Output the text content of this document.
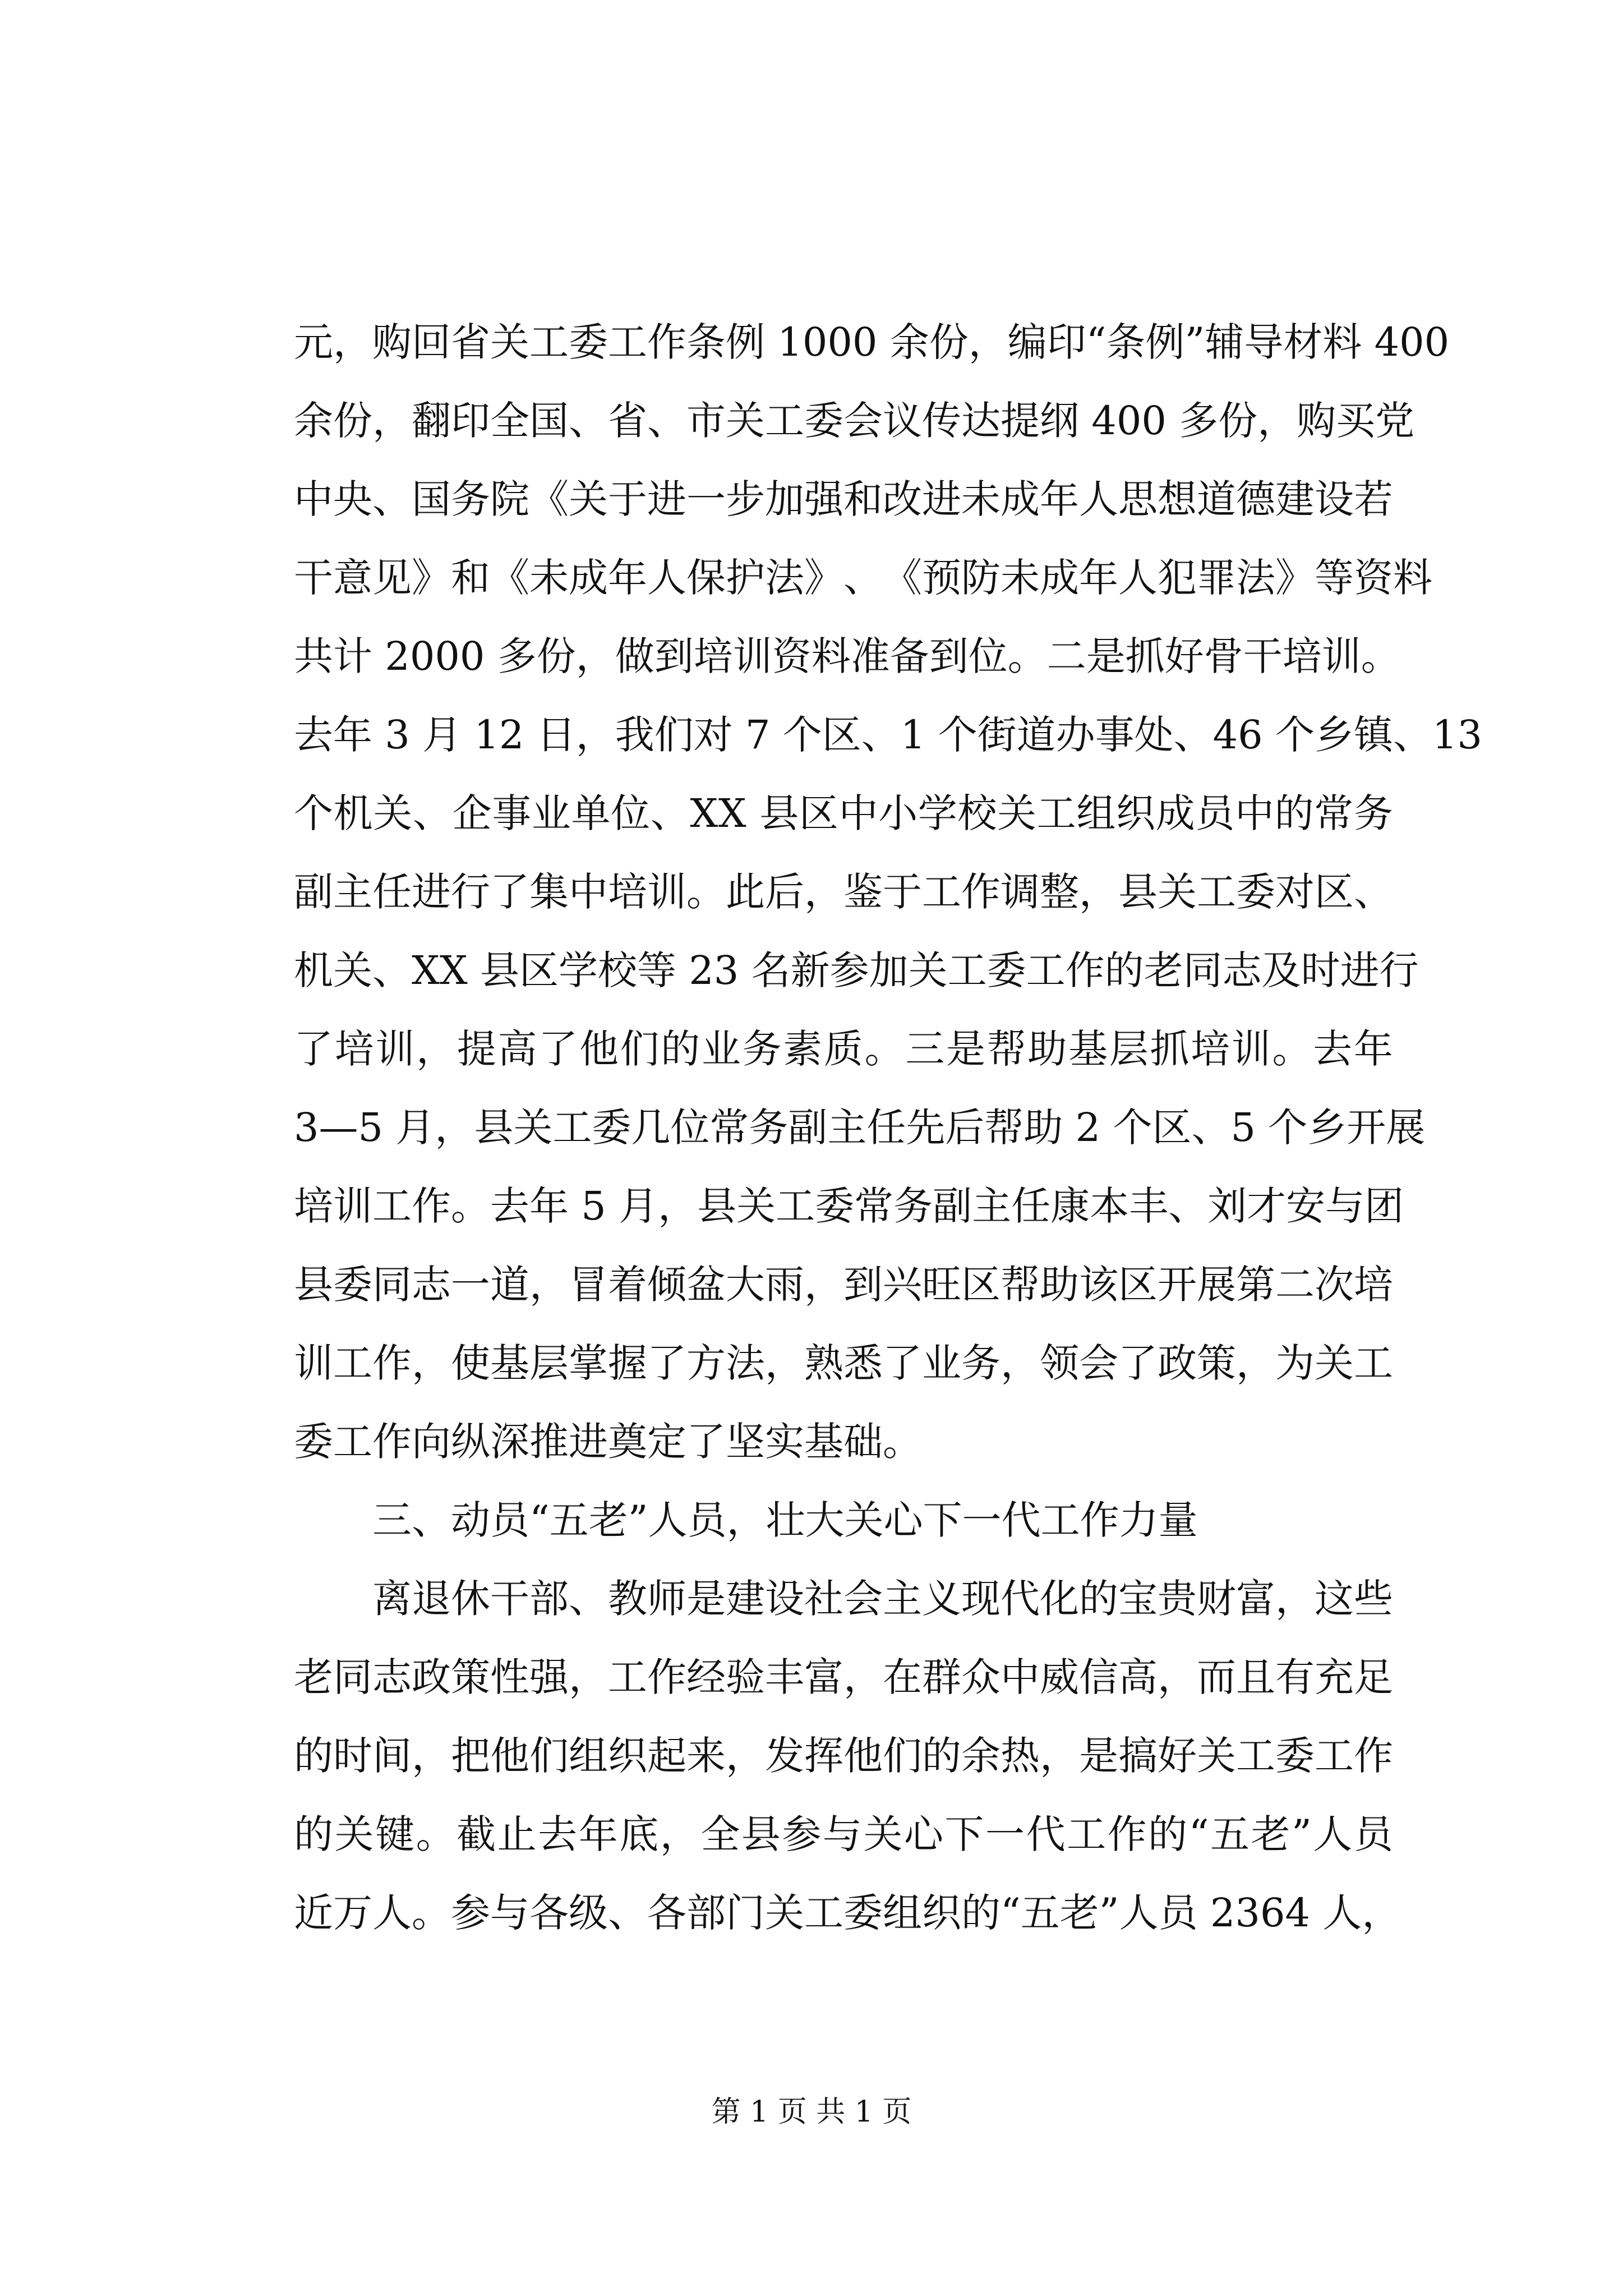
元 ， 购 回 省 关 工 委 工 作 条 例
1 0 0 0
余 份 ， 编 印 “ 条 例 ” 辅 导 材 料
4 0 0
余 份 ， 翻 印 全 国 、 省 、 市 关 工 委 会 议 传 达 提 纲
4 0 0
多 份 ， 购 买 党
中 央 、 国 务 院 《 关 于 进 一 步 加 强 和 改 进 未 成 年 人 思 想 道 德 建 设 若
干 意 见 》 和 《 未 成 年 人 保 护 法 》 、 《 预 防 未 成 年 人 犯 罪 法 》 等 资 料
共 计
2 0 0 0
多 份 ， 做 到 培 训 资 料 准 备 到 位 。 二 是 抓 好 骨 干 培 训 。
去 年
3
月
1 2
日 ， 我 们 对
7
个 区 、 1
个 街 道 办 事 处 、 4 6
个 乡 镇 、 1 3
个 机 关 、 企 事 业 单 位 、 X X
县 区 中 小 学 校 关 工 组 织 成 员 中 的 常 务
副 主 任 进 行 了 集 中 培 训 。 此 后 ， 鉴 于 工 作 调 整 ， 县 关 工 委 对 区 、
机 关 、 X X
县 区 学 校 等
2 3
名 新 参 加 关 工 委 工 作 的 老 同 志 及 时 进 行
了 培 训 ， 提 高 了 他 们 的 业 务 素 质 。 三 是 帮 助 基 层 抓 培 训 。 去 年
3 — 5
月 ， 县 关 工 委 几 位 常 务 副 主 任 先 后 帮 助
2
个 区 、 5
个 乡 开 展
培 训 工 作 。 去 年
5
月 ， 县 关 工 委 常 务 副 主 任 康 本 丰 、 刘 才 安 与 团
县 委 同 志 一 道 ， 冒 着 倾 盆 大 雨 ， 到 兴 旺 区 帮 助 该 区 开 展 第 二 次 培
训 工 作 ， 使 基 层 掌 握 了 方 法 ， 熟 悉 了 业 务 ， 领 会 了 政 策 ， 为 关 工
委工作向纵深推进奠定了坚实基础。
三、动员“五老”人员，壮大关心下一代工作力量
离 退 休 干 部 、 教 师 是 建 设 社 会 主 义 现 代 化 的 宝 贵 财 富 ， 这 些
老 同 志 政 策 性 强 ， 工 作 经 验 丰 富 ， 在 群 众 中 威 信 高 ， 而 且 有 充 足
的 时 间 ， 把 他 们 组 织 起 来 ， 发 挥 他 们 的 余 热 ， 是 搞 好 关 工 委 工 作
的 关 键 。 截 止 去 年 底 ， 全 县 参 与 关 心 下 一 代 工 作 的 “ 五 老 ” 人 员
近 万 人 。 参 与 各 级 、 各 部 门 关 工 委 组 织 的 “ 五 老 ” 人 员
2 3 6 4
人 ，
第 1 页 共 1 页
